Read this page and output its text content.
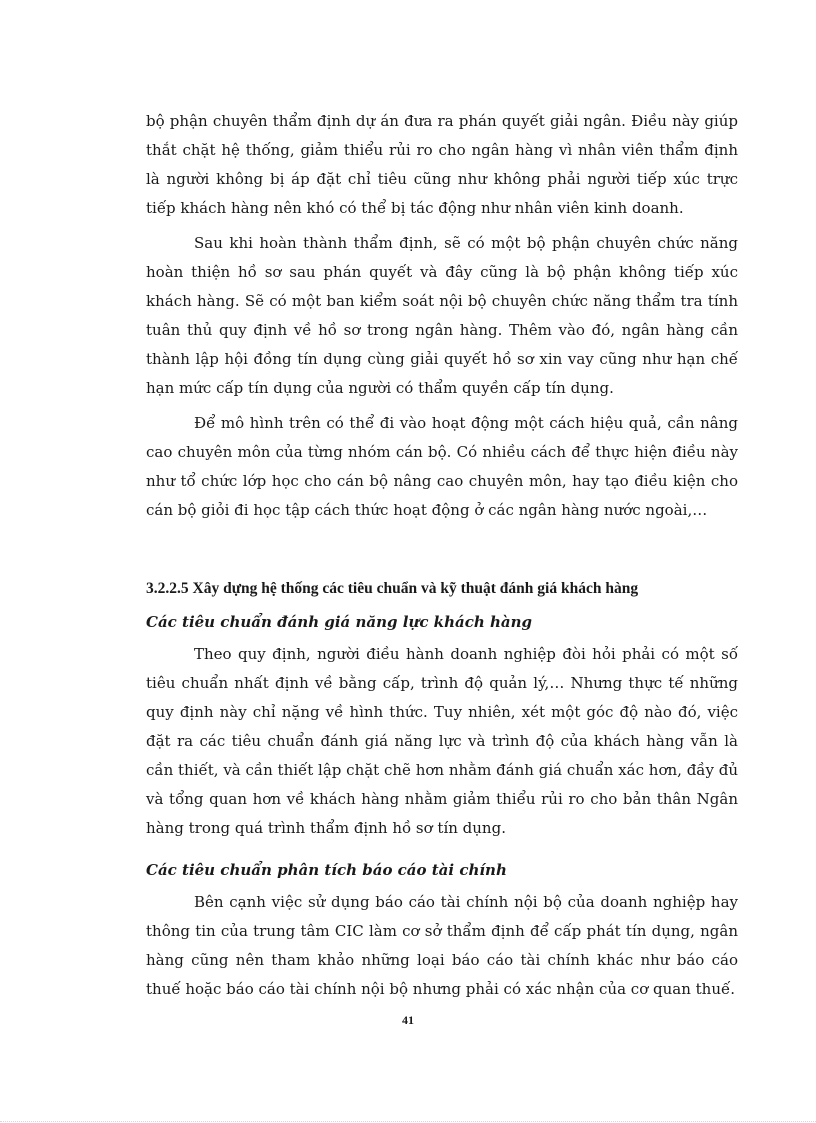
bộ phận chuyên thẩm định dự án đưa ra phán quyết giải ngân. Điều này giúp thắt chặt hệ thống, giảm thiểu rủi ro cho ngân hàng vì nhân viên thẩm định là người không bị áp đặt chỉ tiêu cũng như không phải người tiếp xúc trực tiếp khách hàng nên khó có thể bị tác động như nhân viên kinh doanh.

Sau khi hoàn thành thẩm định, sẽ có một bộ phận chuyên chức năng hoàn thiện hồ sơ sau phán quyết và đây cũng là bộ phận không tiếp xúc khách hàng. Sẽ có một ban kiểm soát nội bộ chuyên chức năng thẩm tra tính tuân thủ quy định về hồ sơ trong ngân hàng. Thêm vào đó, ngân hàng cần thành lập hội đồng tín dụng cùng giải quyết hồ sơ xin vay cũng như hạn chế hạn mức cấp tín dụng của người có thẩm quyền cấp tín dụng.

Để mô hình trên có thể đi vào hoạt động một cách hiệu quả, cần nâng cao chuyên môn của từng nhóm cán bộ. Có nhiều cách để thực hiện điều này như tổ chức lớp học cho cán bộ nâng cao chuyên môn, hay tạo điều kiện cho cán bộ giỏi đi học tập cách thức hoạt động ở các ngân hàng nước ngoài,…

3.2.2.5 Xây dựng hệ thống các tiêu chuẩn và kỹ thuật đánh giá khách hàng
Các tiêu chuẩn đánh giá năng lực khách hàng

Theo quy định, người điều hành doanh nghiệp đòi hỏi phải có một số tiêu chuẩn nhất định về bằng cấp, trình độ quản lý,… Nhưng thực tế những quy định này chỉ nặng về hình thức. Tuy nhiên, xét một góc độ nào đó, việc đặt ra các tiêu chuẩn đánh giá năng lực và trình độ của khách hàng vẫn là cần thiết, và cần thiết lập chặt chẽ hơn nhằm đánh giá chuẩn xác hơn, đầy đủ và tổng quan hơn về khách hàng nhằm giảm thiểu rủi ro cho bản thân Ngân hàng trong quá trình thẩm định hồ sơ tín dụng.

Các tiêu chuẩn phân tích báo cáo tài chính

Bên cạnh việc sử dụng báo cáo tài chính nội bộ của doanh nghiệp hay thông tin của trung tâm CIC làm cơ sở thẩm định để cấp phát tín dụng, ngân hàng cũng nên tham khảo những loại báo cáo tài chính khác như báo cáo thuế hoặc báo cáo tài chính nội bộ nhưng phải có xác nhận của cơ quan thuế.

41
